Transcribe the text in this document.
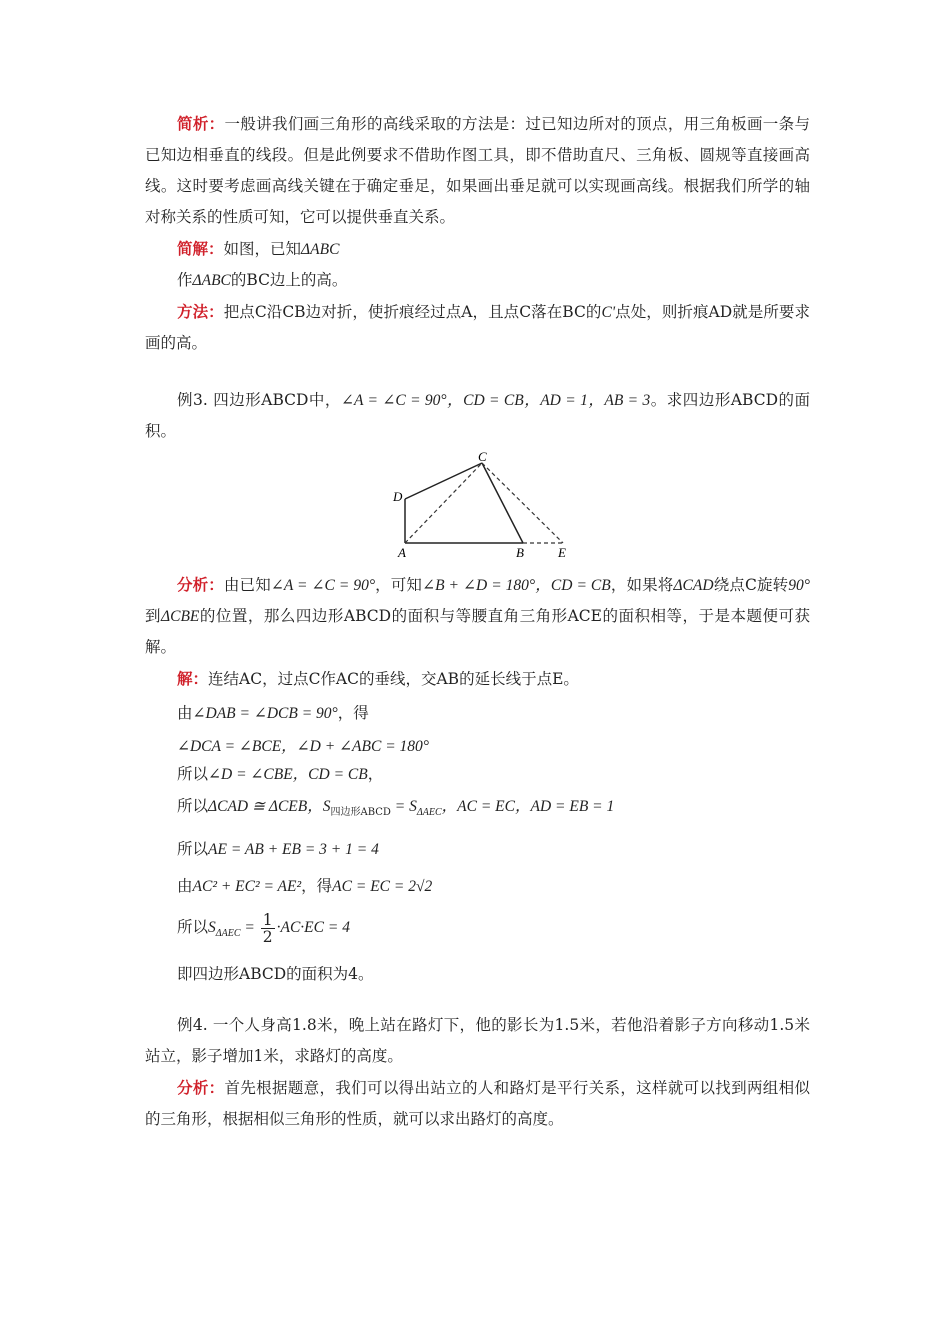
简析：一般讲我们画三角形的高线采取的方法是：过已知边所对的顶点，用三角板画一条与已知边相垂直的线段。但是此例要求不借助作图工具，即不借助直尺、三角板、圆规等直接画高线。这时要考虑画高线关键在于确定垂足，如果画出垂足就可以实现画高线。根据我们所学的轴对称关系的性质可知，它可以提供垂直关系。

简解：如图，已知ΔABC

作ΔABC的BC边上的高。

方法：把点C沿CB边对折，使折痕经过点A，且点C落在BC的C'点处，则折痕AD就是所要求画的高。

例3. 四边形ABCD中，∠A = ∠C = 90°，CD = CB，AD = 1，AB = 3。求四边形ABCD的面积。

C
D
A	B	E

分析：由已知∠A = ∠C = 90°，可知∠B + ∠D = 180°，CD = CB，如果将ΔCAD绕点C旋转90°到ΔCBE的位置，那么四边形ABCD的面积与等腰直角三角形ACE的面积相等，于是本题便可获解。

解：连结AC，过点C作AC的垂线，交AB的延长线于点E。

由∠DAB = ∠DCB = 90°，得

∠DCA = ∠BCE，∠D + ∠ABC = 180°

所以∠D = ∠CBE，CD = CB，

所以ΔCAD ≅ ΔCEB，$S_{四边形ABCD} = S_{\Delta AEC}$，AC = EC，AD = EB = 1

所以AE = AB + EB = 3 + 1 = 4

由AC² + EC² = AE²，得AC = EC = 2√2

所以$S_{\Delta AEC} = \frac{1}{2} \cdot AC\cdot EC = 4$

即四边形ABCD的面积为4。

例4. 一个人身高1.8米，晚上站在路灯下，他的影长为1.5米，若他沿着影子方向移动1.5米站立，影子增加1米，求路灯的高度。

分析：首先根据题意，我们可以得出站立的人和路灯是平行关系，这样就可以找到两组相似的三角形，根据相似三角形的性质，就可以求出路灯的高度。
